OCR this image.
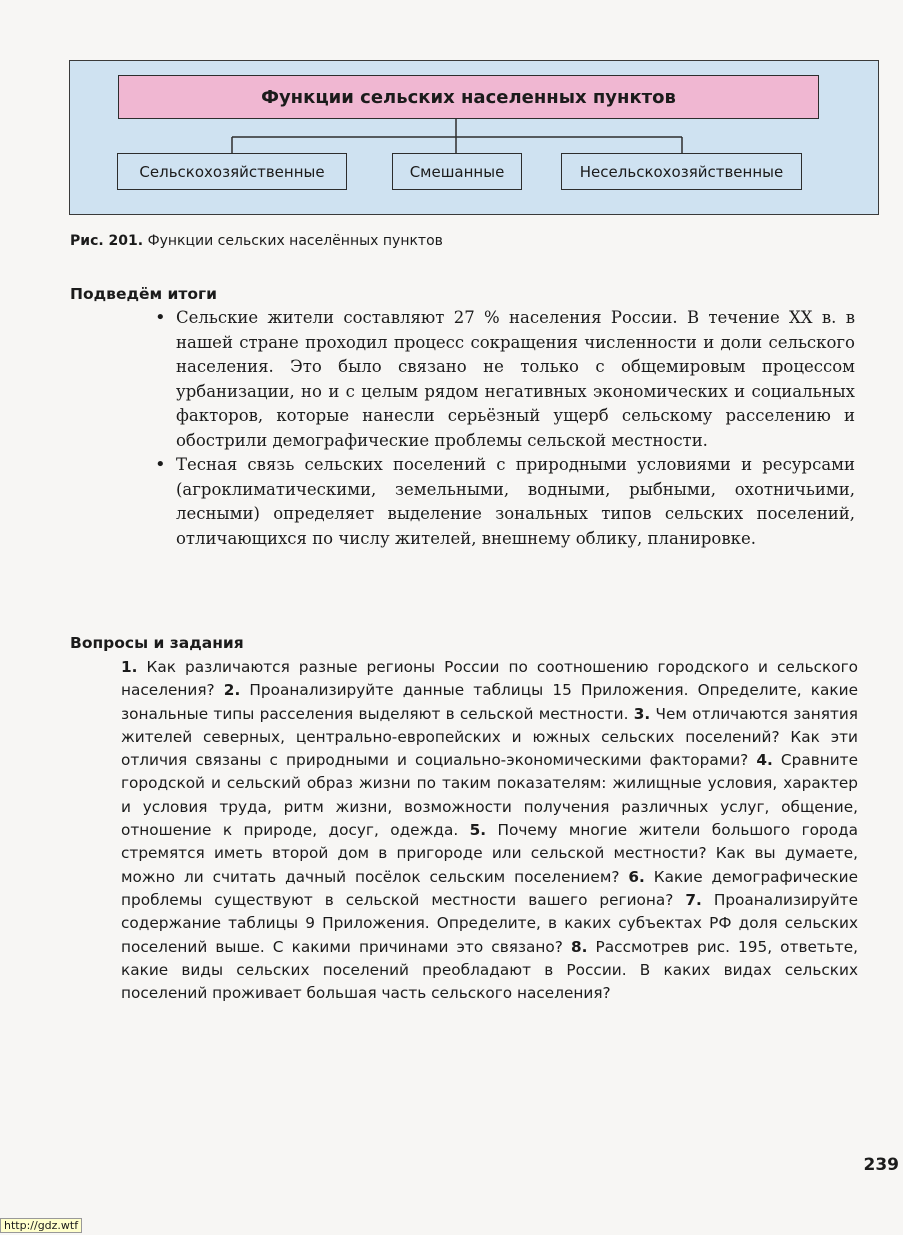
Функции сельских населенных пунктов
Сельскохозяйственные	Смешанные	Несельскохозяйственные
Рис. 201. Функции сельских населённых пунктов
Подведём итоги
• Сельские жители составляют 27 % населения России. В течение XX в. в нашей стране проходил процесс сокращения численности и доли сельского населения. Это было связано не только с общемировым процессом урбанизации, но и с целым рядом негативных экономических и социальных факторов, которые нанесли серьёзный ущерб сельскому расселению и обострили демографические проблемы сельской местности.
• Тесная связь сельских поселений с природными условиями и ресурсами (агроклиматическими, земельными, водными, рыбными, охотничьими, лесными) определяет выделение зональных типов сельских поселений, отличающихся по числу жителей, внешнему облику, планировке.
Вопросы и задания
1. Как различаются разные регионы России по соотношению городского и сельского населения? 2. Проанализируйте данные таблицы 15 Приложения. Определите, какие зональные типы расселения выделяют в сельской местности. 3. Чем отличаются занятия жителей северных, центрально-европейских и южных сельских поселений? Как эти отличия связаны с природными и социально-экономическими факторами? 4. Сравните городской и сельский образ жизни по таким показателям: жилищные условия, характер и условия труда, ритм жизни, возможности получения различных услуг, общение, отношение к природе, досуг, одежда. 5. Почему многие жители большого города стремятся иметь второй дом в пригороде или сельской местности? Как вы думаете, можно ли считать дачный посёлок сельским поселением? 6. Какие демографические проблемы существуют в сельской местности вашего региона? 7. Проанализируйте содержание таблицы 9 Приложения. Определите, в каких субъектах РФ доля сельских поселений выше. С какими причинами это связано? 8. Рассмотрев рис. 195, ответьте, какие виды сельских поселений преобладают в России. В каких видах сельских поселений проживает большая часть сельского населения?
239
http://gdz.wtf
